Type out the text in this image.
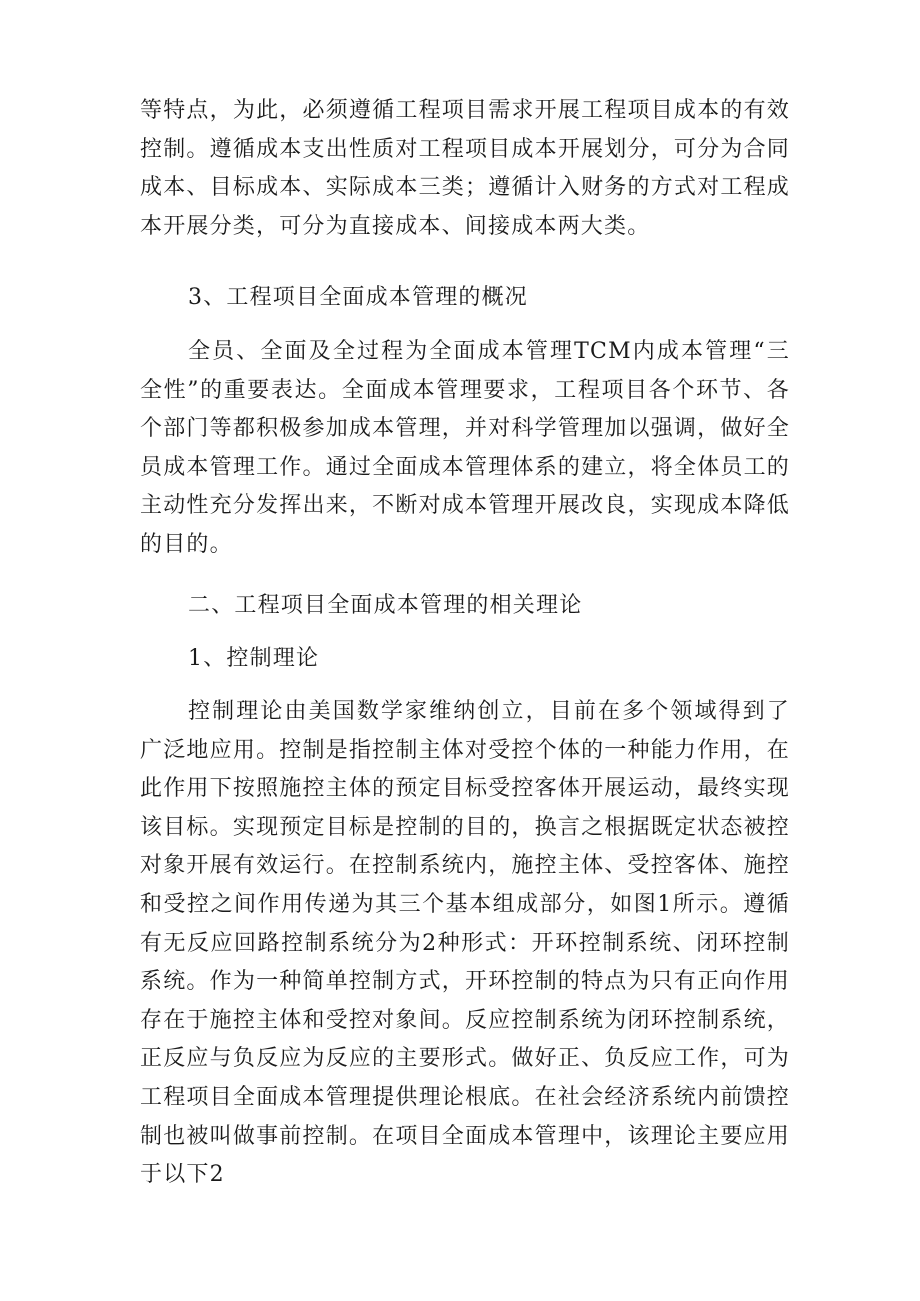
等特点，为此，必须遵循工程项目需求开展工程项目成本的有效控制。遵循成本支出性质对工程项目成本开展划分，可分为合同成本、目标成本、实际成本三类；遵循计入财务的方式对工程成本开展分类，可分为直接成本、间接成本两大类。

3、工程项目全面成本管理的概况

全员、全面及全过程为全面成本管理TCM内成本管理“三全性”的重要表达。全面成本管理要求，工程项目各个环节、各个部门等都积极参加成本管理，并对科学管理加以强调，做好全员成本管理工作。通过全面成本管理体系的建立，将全体员工的主动性充分发挥出来，不断对成本管理开展改良，实现成本降低的目的。

二、工程项目全面成本管理的相关理论
1、控制理论

控制理论由美国数学家维纳创立，目前在多个领域得到了广泛地应用。控制是指控制主体对受控个体的一种能力作用，在此作用下按照施控主体的预定目标受控客体开展运动，最终实现该目标。实现预定目标是控制的目的，换言之根据既定状态被控对象开展有效运行。在控制系统内，施控主体、受控客体、施控和受控之间作用传递为其三个基本组成部分，如图1所示。遵循有无反应回路控制系统分为2种形式：开环控制系统、闭环控制系统。作为一种简单控制方式，开环控制的特点为只有正向作用存在于施控主体和受控对象间。反应控制系统为闭环控制系统，正反应与负反应为反应的主要形式。做好正、负反应工作，可为工程项目全面成本管理提供理论根底。在社会经济系统内前馈控制也被叫做事前控制。在项目全面成本管理中，该理论主要应用于以下2
